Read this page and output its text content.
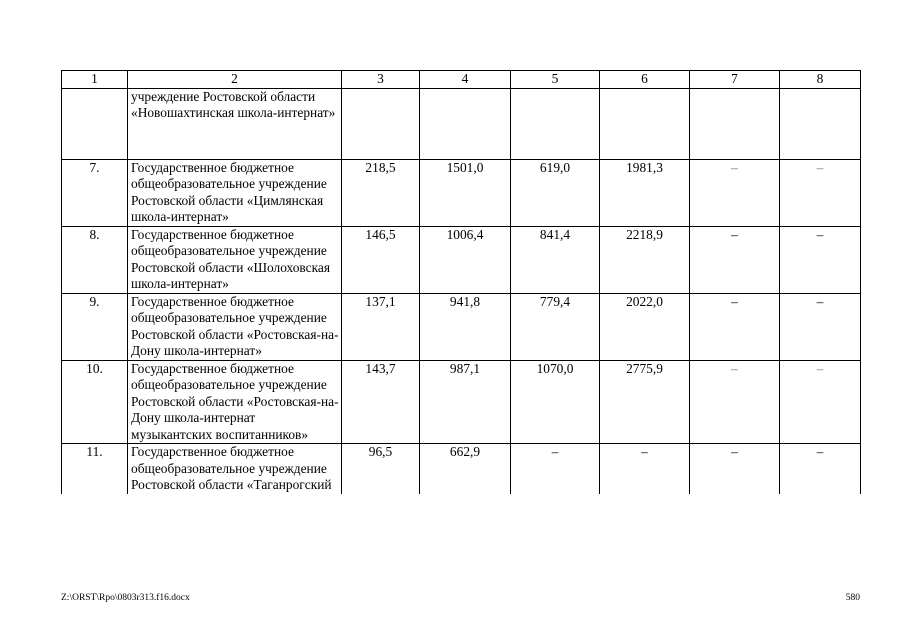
1	2	3	4	5	6	7	8
	учреждение Ростовской области «Новошахтинская школа-интернат»						
7.	Государственное бюджетное общеобразовательное учреждение Ростовской области «Цимлянская школа-интернат»	218,5	1501,0	619,0	1981,3	–	–
8.	Государственное бюджетное общеобразовательное учреждение Ростовской области «Шолоховская школа-интернат»	146,5	1006,4	841,4	2218,9	–	–
9.	Государственное бюджетное общеобразовательное учреждение Ростовской области «Ростовская-на-Дону школа-интернат»	137,1	941,8	779,4	2022,0	–	–
10.	Государственное бюджетное общеобразовательное учреждение Ростовской области «Ростовская-на-Дону школа-интернат музыкантских воспитанников»	143,7	987,1	1070,0	2775,9	–	–
11.	Государственное бюджетное общеобразовательное учреждение Ростовской области «Таганрогский	96,5	662,9	–	–	–	–
Z:\ORST\Rpo\0803r313.f16.docx	580
